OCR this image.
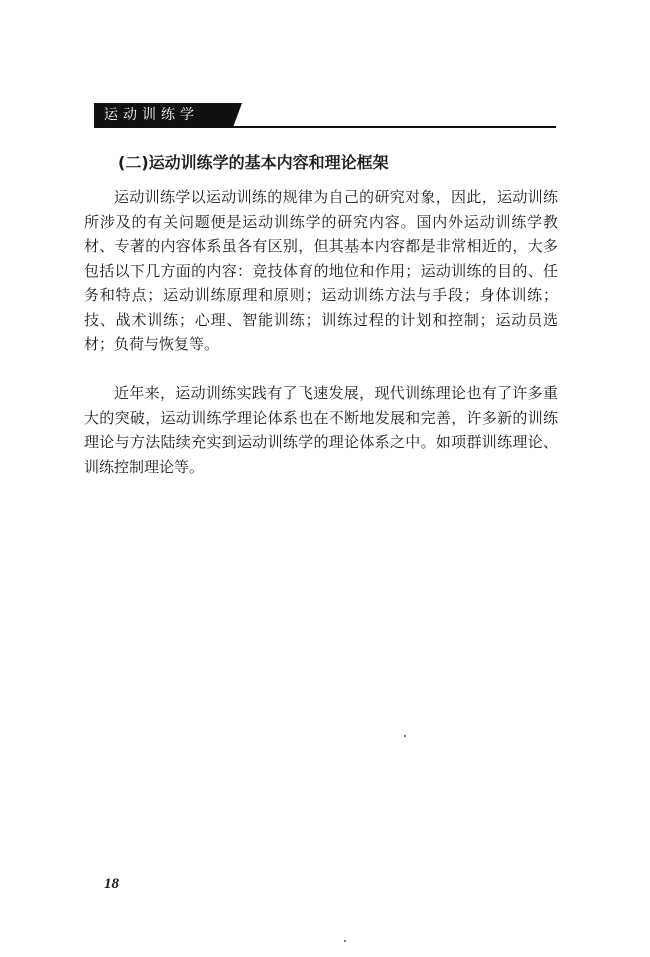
运动训练学
(二)运动训练学的基本内容和理论框架

运动训练学以运动训练的规律为自己的研究对象，因此，运动训练所涉及的有关问题便是运动训练学的研究内容。国内外运动训练学教材、专著的内容体系虽各有区别，但其基本内容都是非常相近的，大多包括以下几方面的内容：竞技体育的地位和作用；运动训练的目的、任务和特点；运动训练原理和原则；运动训练方法与手段；身体训练；技、战术训练；心理、智能训练；训练过程的计划和控制；运动员选材；负荷与恢复等。

近年来，运动训练实践有了飞速发展，现代训练理论也有了许多重大的突破，运动训练学理论体系也在不断地发展和完善，许多新的训练理论与方法陆续充实到运动训练学的理论体系之中。如项群训练理论、训练控制理论等。

18
